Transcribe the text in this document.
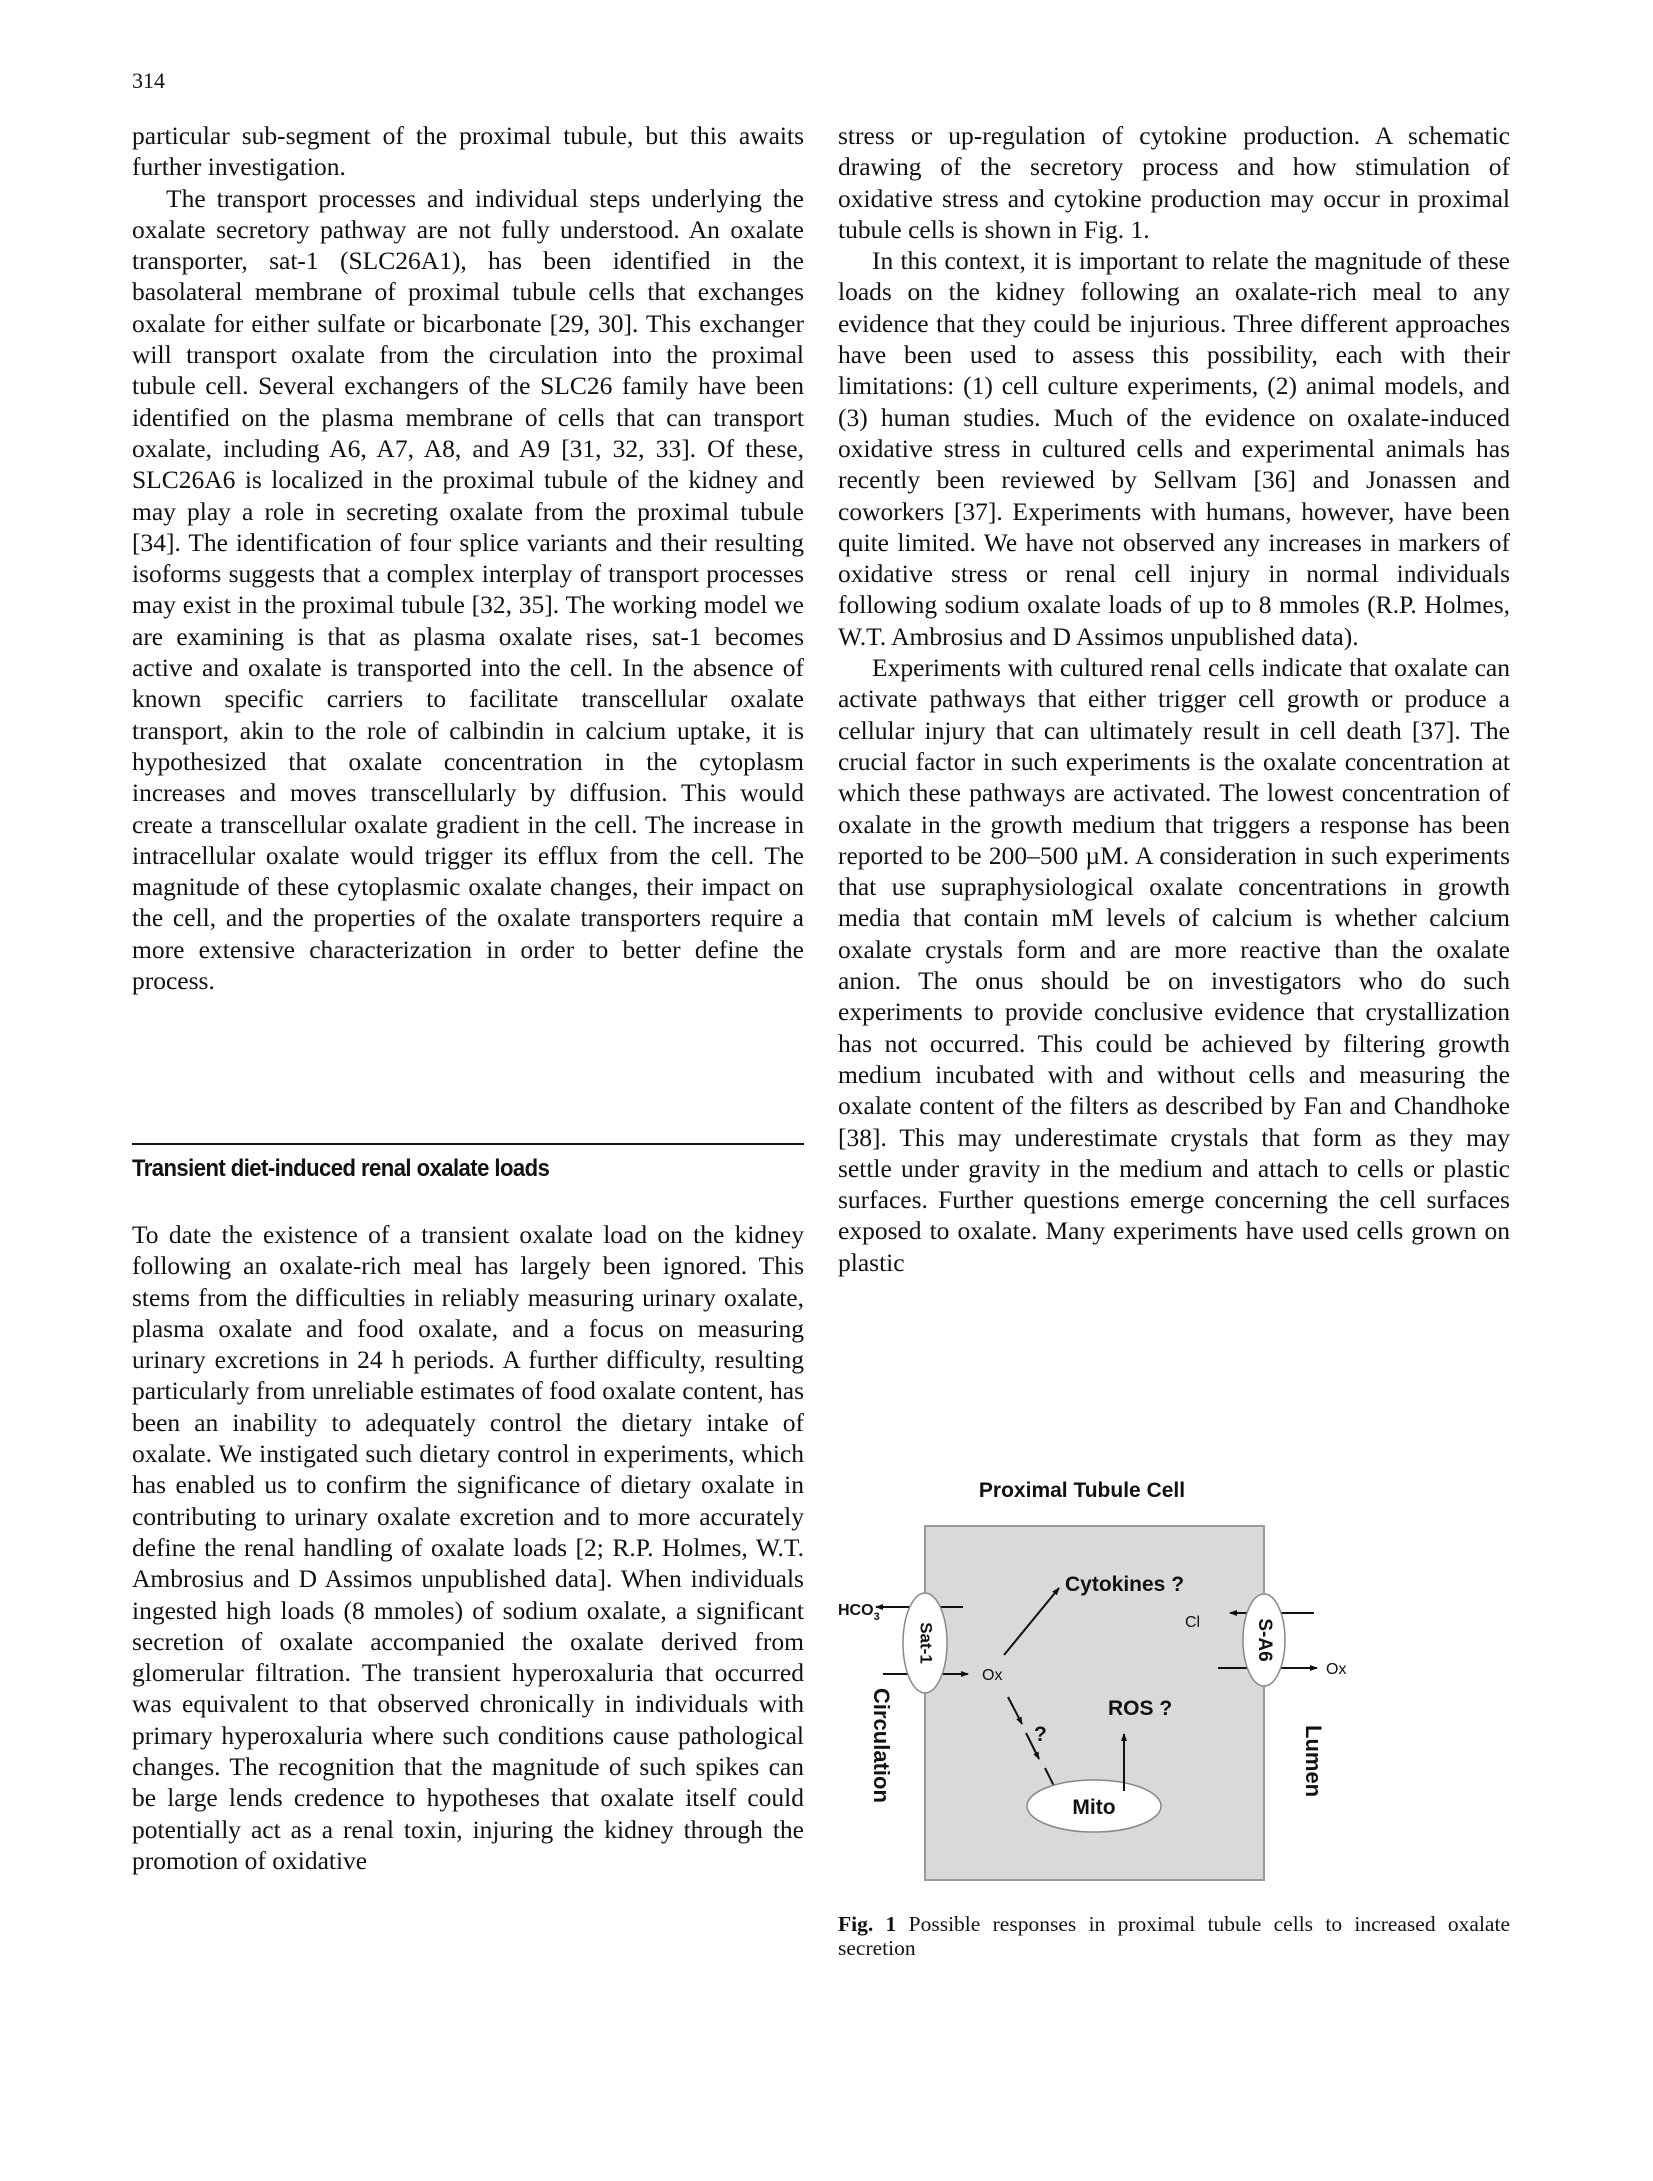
314

particular sub-segment of the proximal tubule, but this awaits further investigation.

The transport processes and individual steps underlying the oxalate secretory pathway are not fully understood. An oxalate transporter, sat-1 (SLC26A1), has been identified in the basolateral membrane of proximal tubule cells that exchanges oxalate for either sulfate or bicarbonate [29, 30]. This exchanger will transport oxalate from the circulation into the proximal tubule cell. Several exchangers of the SLC26 family have been identified on the plasma membrane of cells that can transport oxalate, including A6, A7, A8, and A9 [31, 32, 33]. Of these, SLC26A6 is localized in the proximal tubule of the kidney and may play a role in secreting oxalate from the proximal tubule [34]. The identification of four splice variants and their resulting isoforms suggests that a complex interplay of transport processes may exist in the proximal tubule [32, 35]. The working model we are examining is that as plasma oxalate rises, sat-1 becomes active and oxalate is transported into the cell. In the absence of known specific carriers to facilitate transcellular oxalate transport, akin to the role of calbindin in calcium uptake, it is hypothesized that oxalate concentration in the cytoplasm increases and moves transcellularly by diffusion. This would create a transcellular oxalate gradient in the cell. The increase in intracellular oxalate would trigger its efflux from the cell. The magnitude of these cytoplasmic oxalate changes, their impact on the cell, and the properties of the oxalate transporters require a more extensive characterization in order to better define the process.

Transient diet-induced renal oxalate loads

To date the existence of a transient oxalate load on the kidney following an oxalate-rich meal has largely been ignored. This stems from the difficulties in reliably measuring urinary oxalate, plasma oxalate and food oxalate, and a focus on measuring urinary excretions in 24 h periods. A further difficulty, resulting particularly from unreliable estimates of food oxalate content, has been an inability to adequately control the dietary intake of oxalate. We instigated such dietary control in experiments, which has enabled us to confirm the significance of dietary oxalate in contributing to urinary oxalate excretion and to more accurately define the renal handling of oxalate loads [2; R.P. Holmes, W.T. Ambrosius and D Assimos unpublished data]. When individuals ingested high loads (8 mmoles) of sodium oxalate, a significant secretion of oxalate accompanied the oxalate derived from glomerular filtration. The transient hyperoxaluria that occurred was equivalent to that observed chronically in individuals with primary hyperoxaluria where such conditions cause pathological changes. The recognition that the magnitude of such spikes can be large lends credence to hypotheses that oxalate itself could potentially act as a renal toxin, injuring the kidney through the promotion of oxidative

stress or up-regulation of cytokine production. A schematic drawing of the secretory process and how stimulation of oxidative stress and cytokine production may occur in proximal tubule cells is shown in Fig. 1.

In this context, it is important to relate the magnitude of these loads on the kidney following an oxalate-rich meal to any evidence that they could be injurious. Three different approaches have been used to assess this possibility, each with their limitations: (1) cell culture experiments, (2) animal models, and (3) human studies. Much of the evidence on oxalate-induced oxidative stress in cultured cells and experimental animals has recently been reviewed by Sellvam [36] and Jonassen and coworkers [37]. Experiments with humans, however, have been quite limited. We have not observed any increases in markers of oxidative stress or renal cell injury in normal individuals following sodium oxalate loads of up to 8 mmoles (R.P. Holmes, W.T. Ambrosius and D Assimos unpublished data).

Experiments with cultured renal cells indicate that oxalate can activate pathways that either trigger cell growth or produce a cellular injury that can ultimately result in cell death [37]. The crucial factor in such experiments is the oxalate concentration at which these pathways are activated. The lowest concentration of oxalate in the growth medium that triggers a response has been reported to be 200–500 µM. A consideration in such experiments that use supraphysiological oxalate concentrations in growth media that contain mM levels of calcium is whether calcium oxalate crystals form and are more reactive than the oxalate anion. The onus should be on investigators who do such experiments to provide conclusive evidence that crystallization has not occurred. This could be achieved by filtering growth medium incubated with and without cells and measuring the oxalate content of the filters as described by Fan and Chandhoke [38]. This may underestimate crystals that form as they may settle under gravity in the medium and attach to cells or plastic surfaces. Further questions emerge concerning the cell surfaces exposed to oxalate. Many experiments have used cells grown on plastic

Proximal Tubule Cell
Sat-1
$HCO_3$
Ox
Circulation
Cytokines ?
?
Mito
ROS ?
S-A6
Cl
Ox
Lumen
Fig. 1 Possible responses in proximal tubule cells to increased oxalate secretion
